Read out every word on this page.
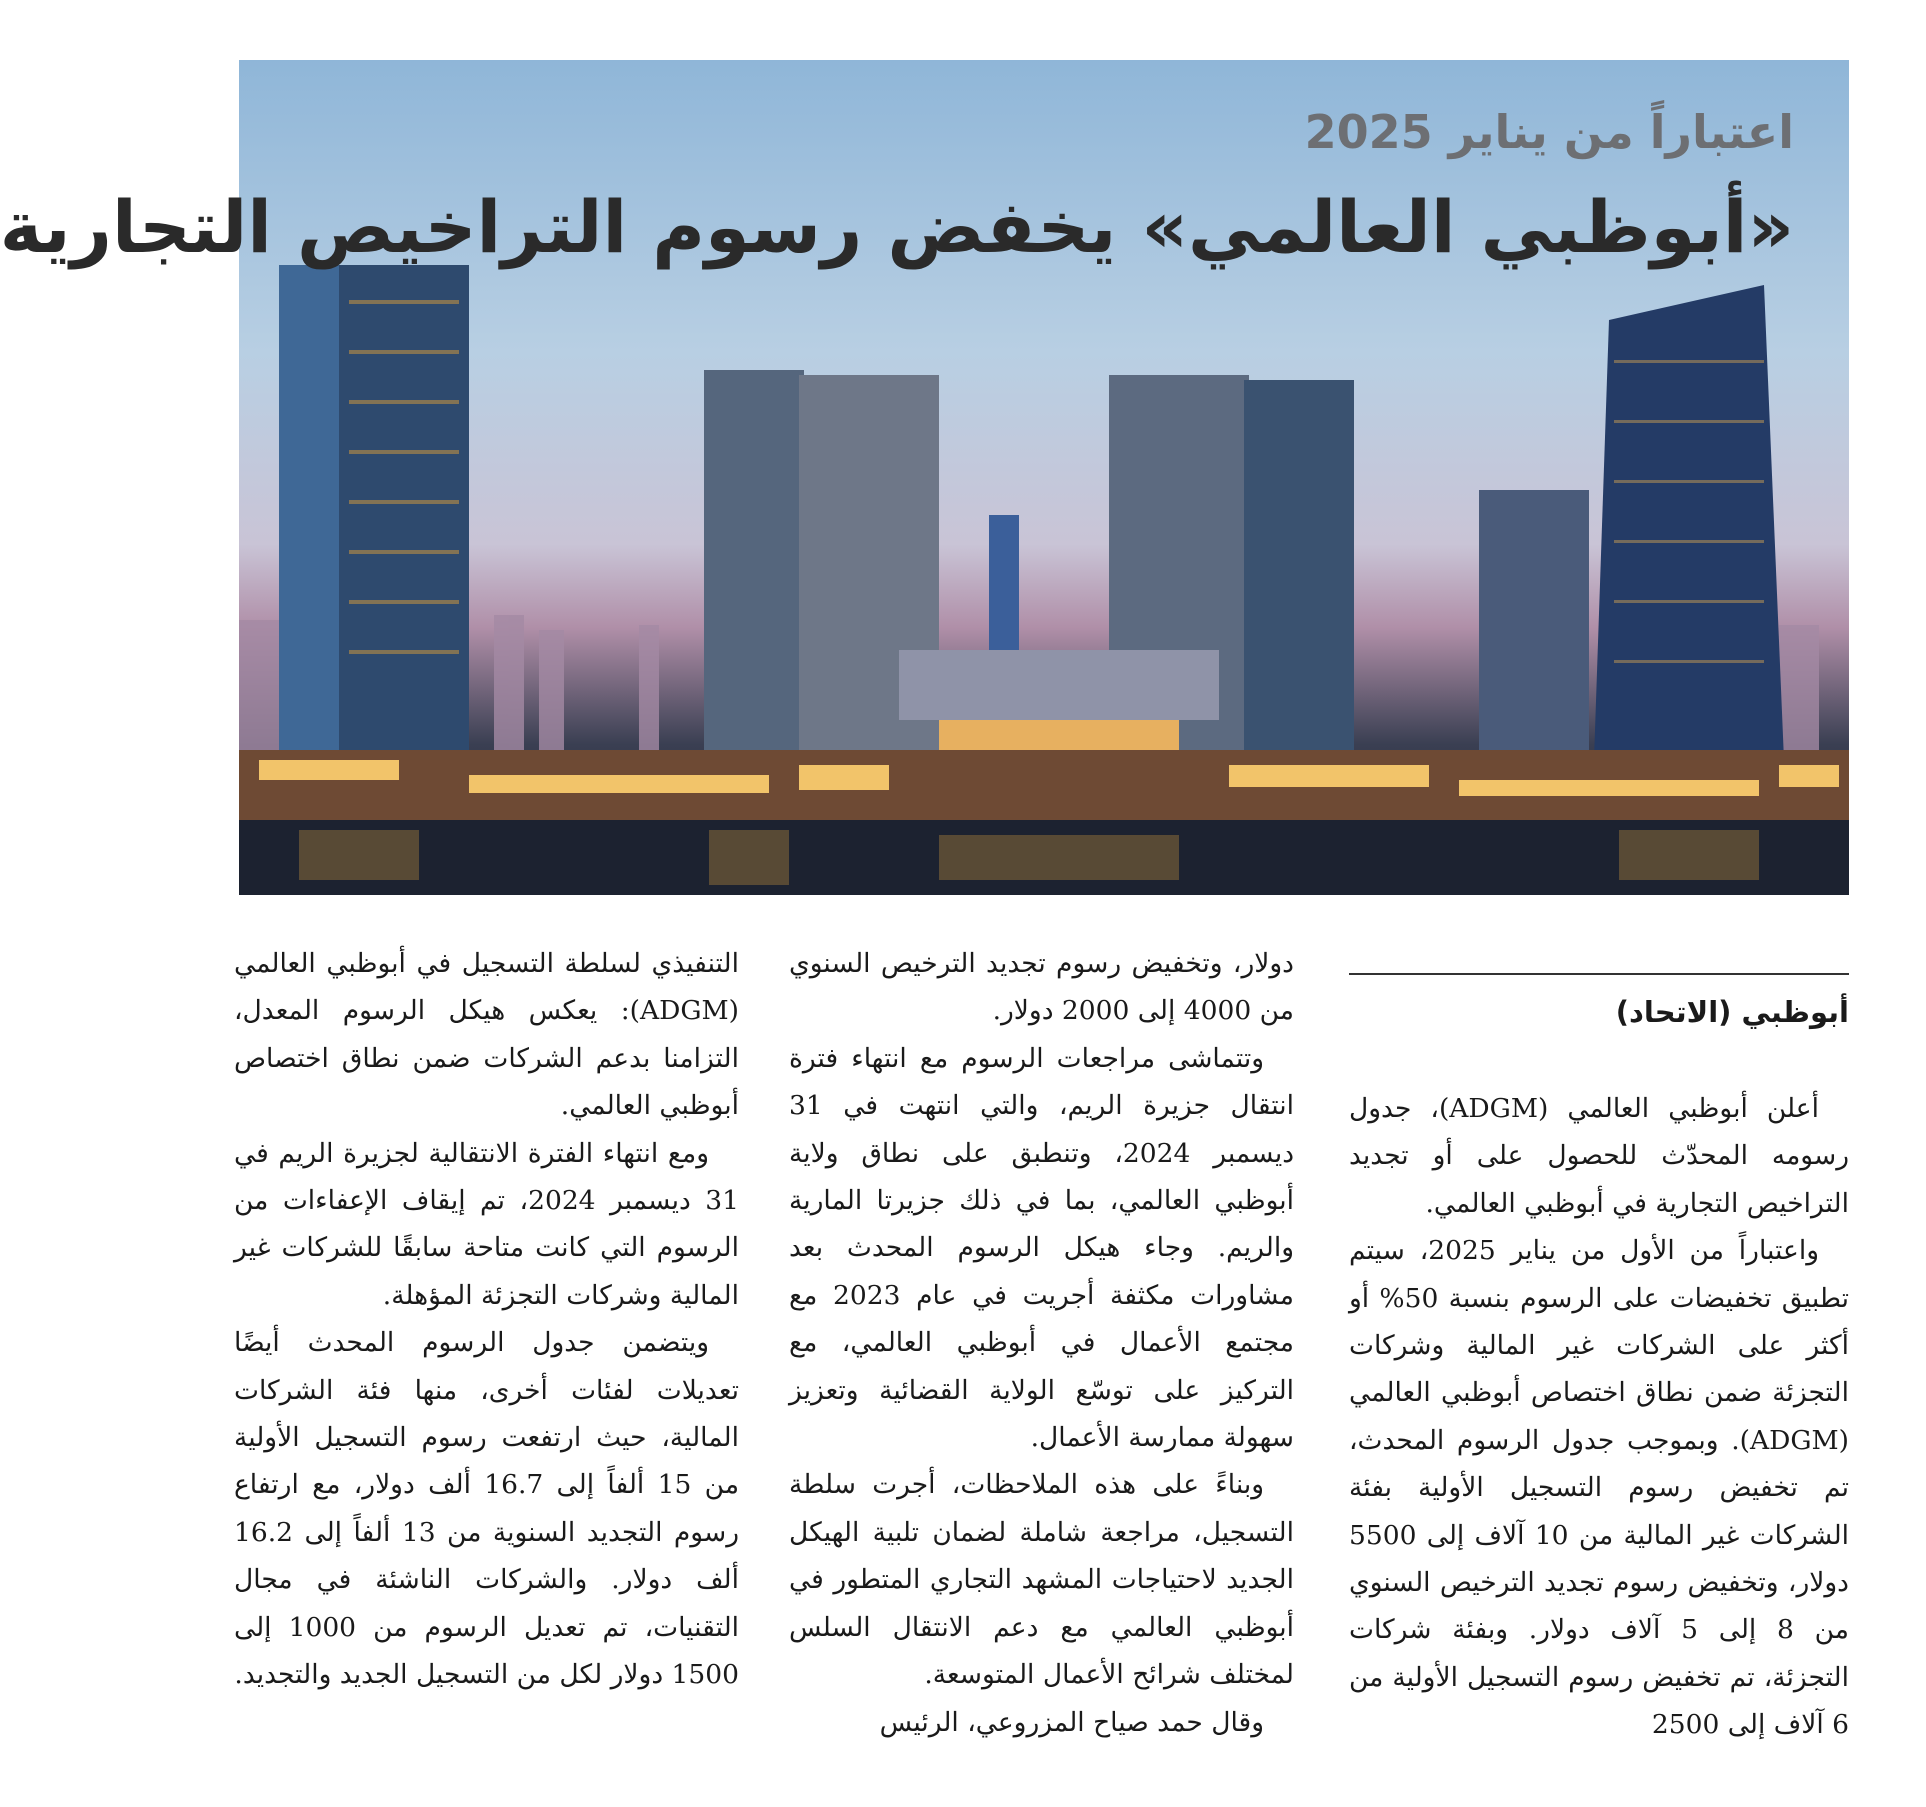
اعتباراً من يناير 2025
«أبوظبي العالمي» يخفض رسوم التراخيص التجارية
أبوظبي (الاتحاد)

أعلن أبوظبي العالمي (ADGM)، جدول رسومه المحدّث للحصول على أو تجديد التراخيص التجارية في أبوظبي العالمي.

واعتباراً من الأول من يناير 2025، سيتم تطبيق تخفيضات على الرسوم بنسبة 50% أو أكثر على الشركات غير المالية وشركات التجزئة ضمن نطاق اختصاص أبوظبي العالمي (ADGM). وبموجب جدول الرسوم المحدث، تم تخفيض رسوم التسجيل الأولية بفئة الشركات غير المالية من 10 آلاف إلى 5500 دولار، وتخفيض رسوم تجديد الترخيص السنوي من 8 إلى 5 آلاف دولار. وبفئة شركات التجزئة، تم تخفيض رسوم التسجيل الأولية من 6 آلاف إلى 2500

دولار، وتخفيض رسوم تجديد الترخيص السنوي من 4000 إلى 2000 دولار.

وتتماشى مراجعات الرسوم مع انتهاء فترة انتقال جزيرة الريم، والتي انتهت في 31 ديسمبر 2024، وتنطبق على نطاق ولاية أبوظبي العالمي، بما في ذلك جزيرتا المارية والريم. وجاء هيكل الرسوم المحدث بعد مشاورات مكثفة أجريت في عام 2023 مع مجتمع الأعمال في أبوظبي العالمي، مع التركيز على توسّع الولاية القضائية وتعزيز سهولة ممارسة الأعمال.

وبناءً على هذه الملاحظات، أجرت سلطة التسجيل، مراجعة شاملة لضمان تلبية الهيكل الجديد لاحتياجات المشهد التجاري المتطور في أبوظبي العالمي مع دعم الانتقال السلس لمختلف شرائح الأعمال المتوسعة.

وقال حمد صياح المزروعي، الرئيس

التنفيذي لسلطة التسجيل في أبوظبي العالمي (ADGM): يعكس هيكل الرسوم المعدل، التزامنا بدعم الشركات ضمن نطاق اختصاص أبوظبي العالمي.

ومع انتهاء الفترة الانتقالية لجزيرة الريم في 31 ديسمبر 2024، تم إيقاف الإعفاءات من الرسوم التي كانت متاحة سابقًا للشركات غير المالية وشركات التجزئة المؤهلة.

ويتضمن جدول الرسوم المحدث أيضًا تعديلات لفئات أخرى، منها فئة الشركات المالية، حيث ارتفعت رسوم التسجيل الأولية من 15 ألفاً إلى 16.7 ألف دولار، مع ارتفاع رسوم التجديد السنوية من 13 ألفاً إلى 16.2 ألف دولار. والشركات الناشئة في مجال التقنيات، تم تعديل الرسوم من 1000 إلى 1500 دولار لكل من التسجيل الجديد والتجديد.
